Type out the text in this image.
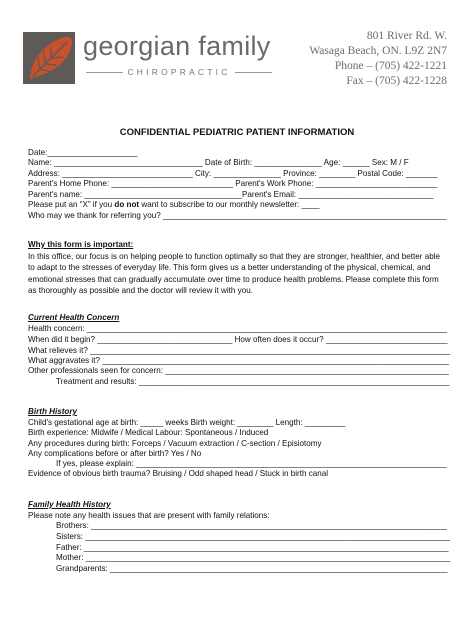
georgian family
CHIROPRACTIC
801 River Rd. W.
Wasaga Beach, ON. L9Z 2N7
Phone – (705) 422-1221
Fax – (705) 422-1228
CONFIDENTIAL PEDIATRIC PATIENT INFORMATION
Date:____________________
Name: _________________________________ Date of Birth: _______________ Age: ______ Sex: M / F
Address: _____________________________ City: _______________ Province: ________ Postal Code: _______
Parent's Home Phone: ___________________________ Parent's Work Phone: ___________________________
Parent's name: ___________________________________Parent's Email: ______________________________
Please put an “X” if you do not want to subscribe to our monthly newsletter: ____
Who may we thank for referring you? _______________________________________________________________
Why this form is important:
In this office, our focus is on helping people to function optimally so that they are stronger, healthier, and better able to adapt to the stresses of everyday life. This form gives us a better understanding of the physical, chemical, and emotional stresses that can gradually accumulate over time to produce health problems. Please complete this form as thoroughly as possible and the doctor will review it with you.
Current Health Concern
Health concern: ________________________________________________________________________________
When did it begin? ______________________________ How often does it occur? ___________________________
What relieves it? ________________________________________________________________________________
What aggravates it? _____________________________________________________________________________
Other professionals seen for concern: _______________________________________________________________
Treatment and results: _____________________________________________________________________
Birth History
Child's gestational age at birth: _____ weeks Birth weight: ________ Length: _________
Birth experience: Midwife / Medical Labour: Spontaneous / Induced
Any procedures during birth: Forceps / Vacuum extraction / C-section / Episiotomy
Any complications before or after birth? Yes / No
If yes, please explain: _____________________________________________________________________
Evidence of obvious birth trauma? Bruising / Odd shaped head / Stuck in birth canal
Family Health History
Please note any health issues that are present with family relations:
Brothers: _______________________________________________________________________________
Sisters: _________________________________________________________________________________
Father: _________________________________________________________________________________
Mother: _________________________________________________________________________________
Grandparents: ___________________________________________________________________________
